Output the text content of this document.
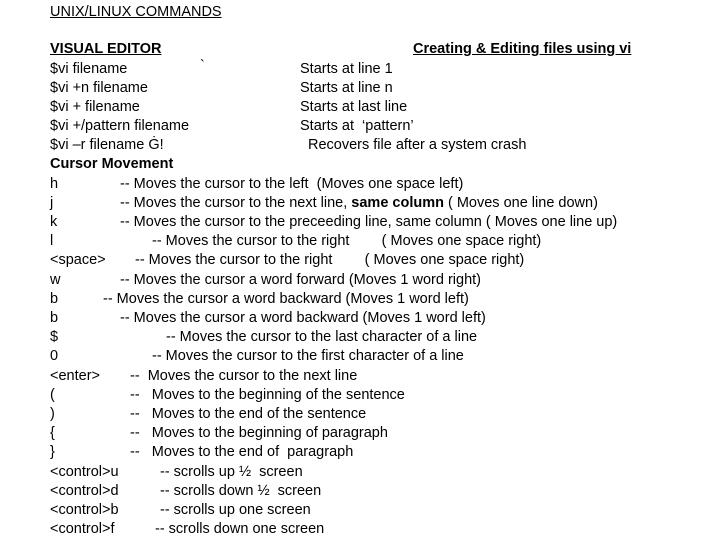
UNIX/LINUX COMMANDS
VISUAL EDITOR	Creating & Editing files using vi
`
$vi filename	Starts at line 1
$vi +n filename	Starts at line n
$vi + filename	Starts at last line
$vi +/pattern filename	Starts at  ‘pattern’
$vi –r filename Ġ!	Recovers file after a system crash
Cursor Movement
h	-- Moves the cursor to the left  (Moves one space left)
j	-- Moves the cursor to the next line, same column ( Moves one line down)
k	-- Moves the cursor to the preceeding line, same column ( Moves one line up)
l	-- Moves the cursor to the right        ( Moves one space right)
<space> -- Moves the cursor to the right        ( Moves one space right)
w	-- Moves the cursor a word forward (Moves 1 word right)
b	-- Moves the cursor a word backward (Moves 1 word left)
b	-- Moves the cursor a word backward (Moves 1 word left)
$	-- Moves the cursor to the last character of a line
0	-- Moves the cursor to the first character of a line
<enter> --  Moves the cursor to the next line
(	--   Moves to the beginning of the sentence
)	--   Moves to the end of the sentence
{	--   Moves to the beginning of paragraph
}	--   Moves to the end of  paragraph
<control>u	-- scrolls up ½  screen
<control>d	-- scrolls down ½  screen
<control>b	-- scrolls up one screen
<control>f	-- scrolls down one screen
